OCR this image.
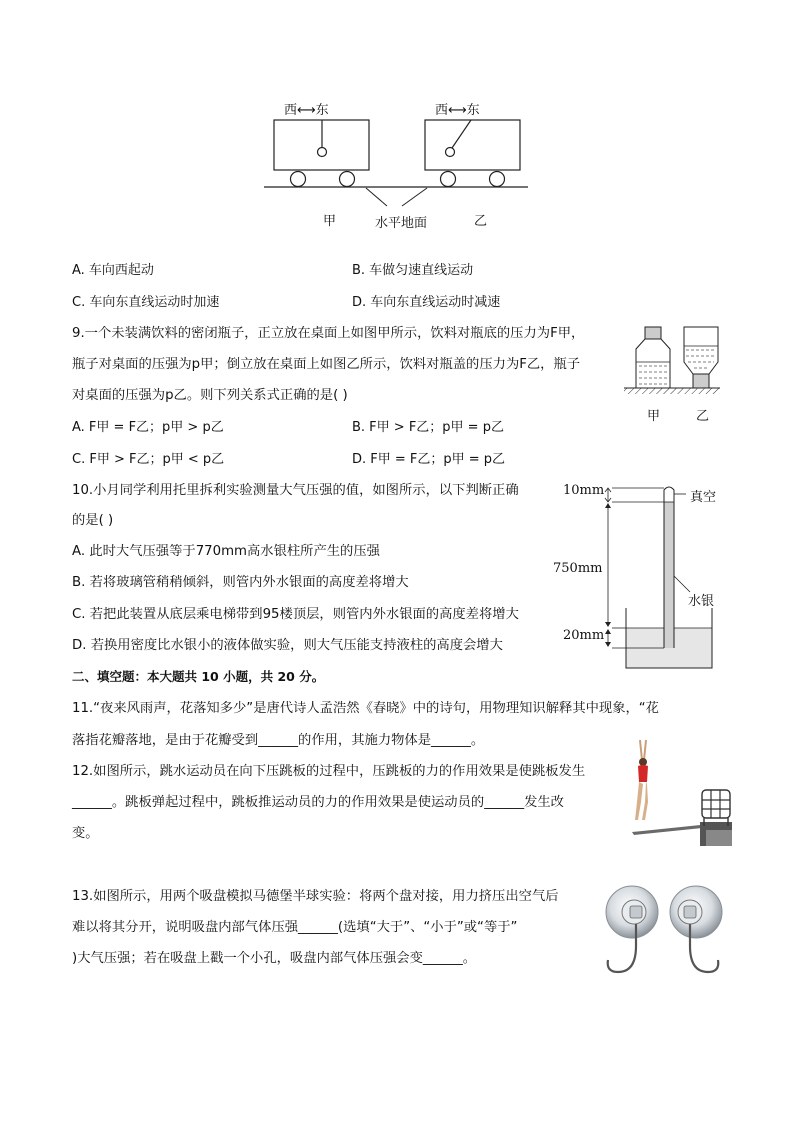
西⟷东	西⟷东
甲	水平地面	乙
A. 车向西起动	B. 车做匀速直线运动
C. 车向东直线运动时加速	D. 车向东直线运动时减速
9.一个未装满饮料的密闭瓶子，正立放在桌面上如图甲所示，饮料对瓶底的压力为F甲，
瓶子对桌面的压强为p甲；倒立放在桌面上如图乙所示，饮料对瓶盖的压力为F乙，瓶子
对桌面的压强为p乙。则下列关系式正确的是( )
A. F甲 = F乙；p甲 > p乙	B. F甲 > F乙；p甲 = p乙
C. F甲 > F乙；p甲 < p乙	D. F甲 = F乙；p甲 = p乙
甲	乙
10.小月同学利用托里拆利实验测量大气压强的值，如图所示，以下判断正确
的是( )
A. 此时大气压强等于770mm高水银柱所产生的压强
B. 若将玻璃管稍稍倾斜，则管内外水银面的高度差将增大
C. 若把此装置从底层乘电梯带到95楼顶层，则管内外水银面的高度差将增大
D. 若换用密度比水银小的液体做实验，则大气压能支持液柱的高度会增大
10mm	真空
750mm
水银
20mm
二、填空题：本大题共 10 小题，共 20 分。
11.“夜来风雨声，花落知多少”是唐代诗人孟浩然《春晓》中的诗句，用物理知识解释其中现象，“花
落指花瓣落地，是由于花瓣受到______的作用，其施力物体是______。
12.如图所示，跳水运动员在向下压跳板的过程中，压跳板的力的作用效果是使跳板发生
______。跳板弹起过程中，跳板推运动员的力的作用效果是使运动员的______发生改
变。
13.如图所示，用两个吸盘模拟马德堡半球实验：将两个盘对接，用力挤压出空气后
难以将其分开，说明吸盘内部气体压强______(选填“大于”、“小于”或“等于”
)大气压强；若在吸盘上戳一个小孔，吸盘内部气体压强会变______。
